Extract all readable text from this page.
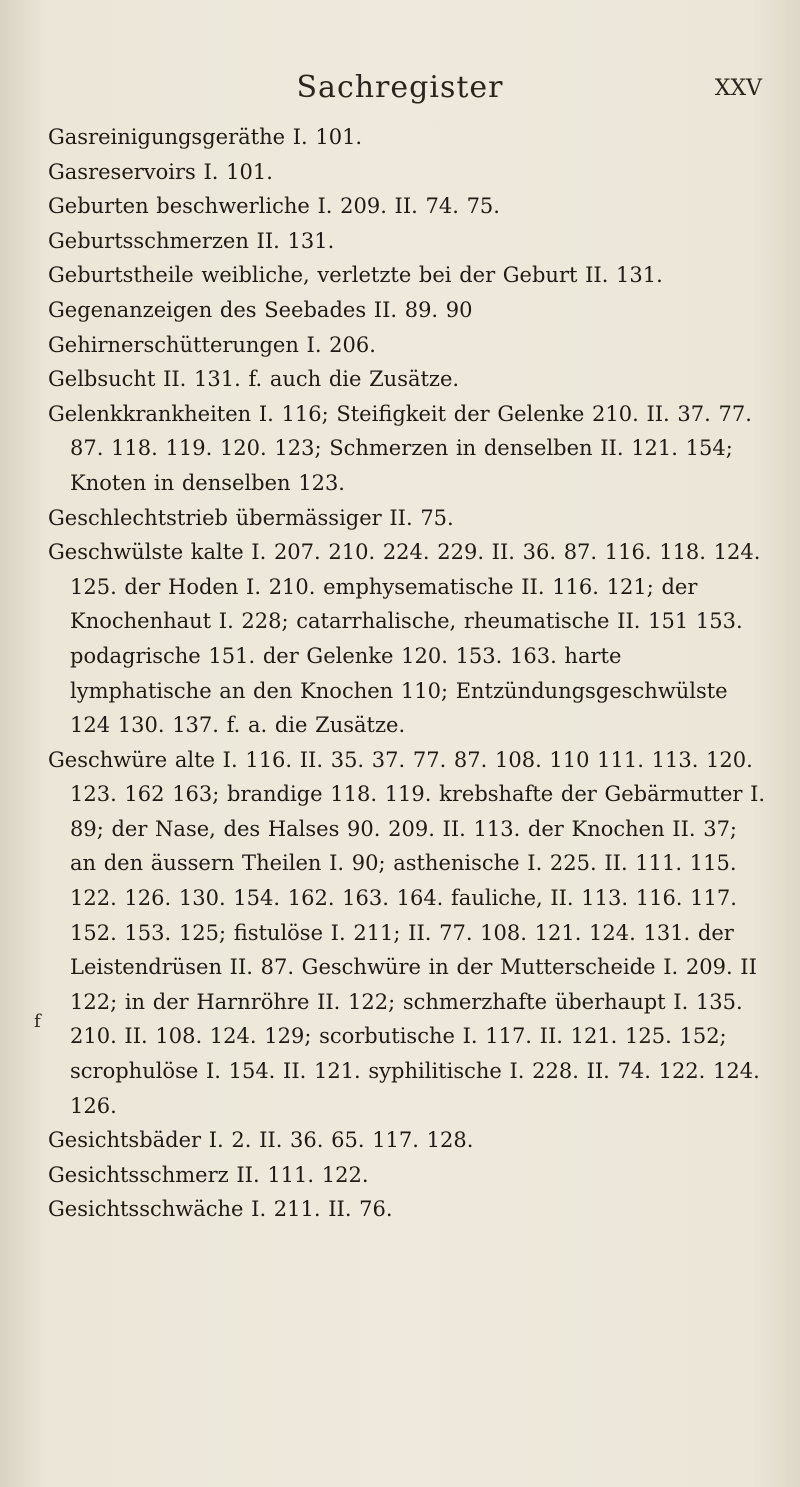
Sachregister	XXV

Gasreinigungsgeräthe I. 101.

Gasreservoirs I. 101.

Geburten beschwerliche I. 209. II. 74. 75.

Geburtsschmerzen II. 131.

Geburtstheile weibliche, verletzte bei der Geburt II. 131.

Gegenanzeigen des Seebades II. 89. 90

Gehirnerschütterungen I. 206.

Gelbsucht II. 131. f. auch die Zusätze.

Gelenkkrankheiten I. 116; Steifigkeit der Gelenke 210. II. 37. 77. 87. 118. 119. 120. 123; Schmerzen in denselben II. 121. 154; Knoten in denselben 123.

Geschlechtstrieb übermässiger II. 75.

Geschwülste kalte I. 207. 210. 224. 229. II. 36. 87. 116. 118. 124. 125. der Hoden I. 210. emphysematische II. 116. 121; der Knochenhaut I. 228; catarrhalische, rheumatische II. 151 153. podagrische 151. der Gelenke 120. 153. 163. harte lymphatische an den Knochen 110; Entzündungsgeschwülste 124 130. 137. f. a. die Zusätze.

Geschwüre alte I. 116. II. 35. 37. 77. 87. 108. 110 111. 113. 120. 123. 162 163; brandige 118. 119. krebshafte der Gebärmutter I. 89; der Nase, des Halses 90. 209. II. 113. der Knochen II. 37; an den äussern Theilen I. 90; asthenische I. 225. II. 111. 115. 122. 126. 130. 154. 162. 163. 164. fauliche, II. 113. 116. 117. 152. 153. 125; fistulöse I. 211; II. 77. 108. 121. 124. 131. der Leistendrüsen II. 87. Geschwüre in der Mutterscheide I. 209. II 122; in der Harnröhre II. 122; schmerzhafte überhaupt I. 135. 210. II. 108. 124. 129; scorbutische I. 117. II. 121. 125. 152; scrophulöse I. 154. II. 121. syphilitische I. 228. II. 74. 122. 124. 126.

Gesichtsbäder I. 2. II. 36. 65. 117. 128.

Gesichtsschmerz II. 111. 122.

Gesichtsschwäche I. 211. II. 76.

f
